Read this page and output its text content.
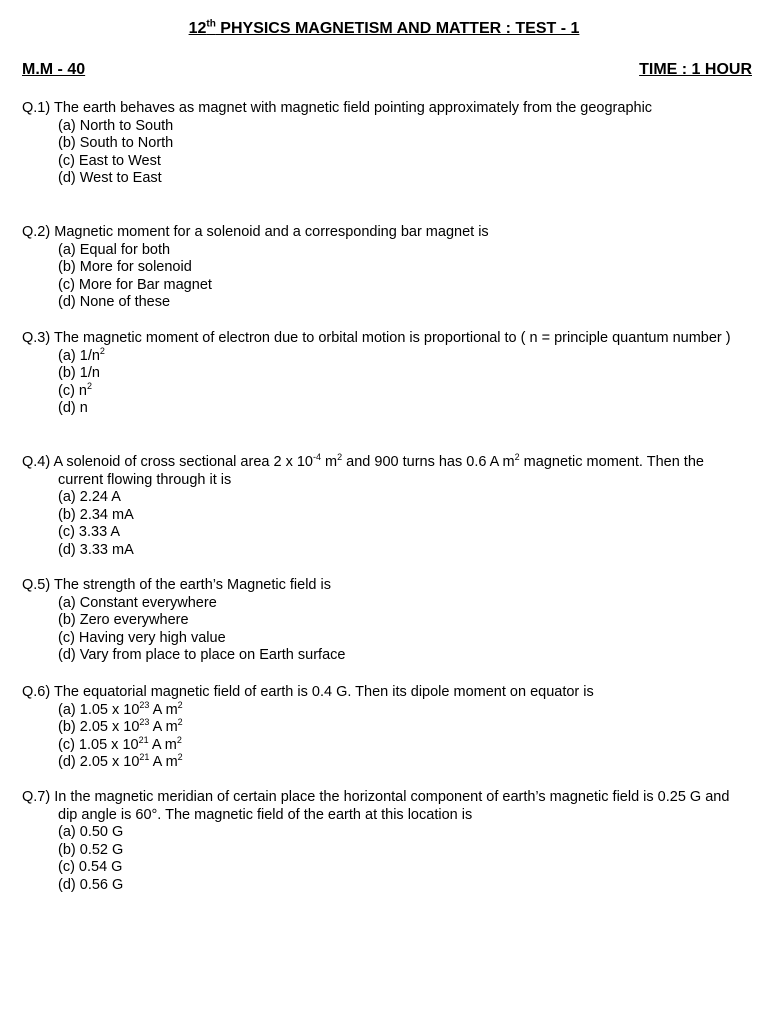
12th PHYSICS MAGNETISM AND MATTER : TEST - 1
M.M - 40	TIME : 1 HOUR
Q.1) The earth behaves as magnet with magnetic field pointing approximately from the geographic
(a) North to South
(b) South to North
(c) East to West
(d) West to East
Q.2) Magnetic moment for a solenoid and a corresponding bar magnet is
(a) Equal for both
(b) More for solenoid
(c) More for Bar magnet
(d) None of these
Q.3) The magnetic moment of electron due to orbital motion is proportional to ( n = principle quantum number )
(a) $1/n^2$
(b) 1/n
(c) $n^2$
(d) n
Q.4) A solenoid of cross sectional area 2 x $10^{-4}$ $m^2$ and 900 turns has 0.6 A $m^2$ magnetic moment. Then the current flowing through it is
(a) 2.24 A
(b) 2.34 mA
(c) 3.33 A
(d) 3.33 mA
Q.5) The strength of the earth’s Magnetic field is
(a) Constant everywhere
(b) Zero everywhere
(c) Having very high value
(d) Vary from place to place on Earth surface
Q.6) The equatorial magnetic field of earth is 0.4 G. Then its dipole moment on equator is
(a) 1.05 x $10^{23}$ A $m^2$
(b) 2.05 x $10^{23}$ A $m^2$
(c) 1.05 x $10^{21}$ A $m^2$
(d) 2.05 x $10^{21}$ A $m^2$
Q.7) In the magnetic meridian of certain place the horizontal component of earth’s magnetic field is 0.25 G and dip angle is 60°. The magnetic field of the earth at this location is
(a) 0.50 G
(b) 0.52 G
(c) 0.54 G
(d) 0.56 G
